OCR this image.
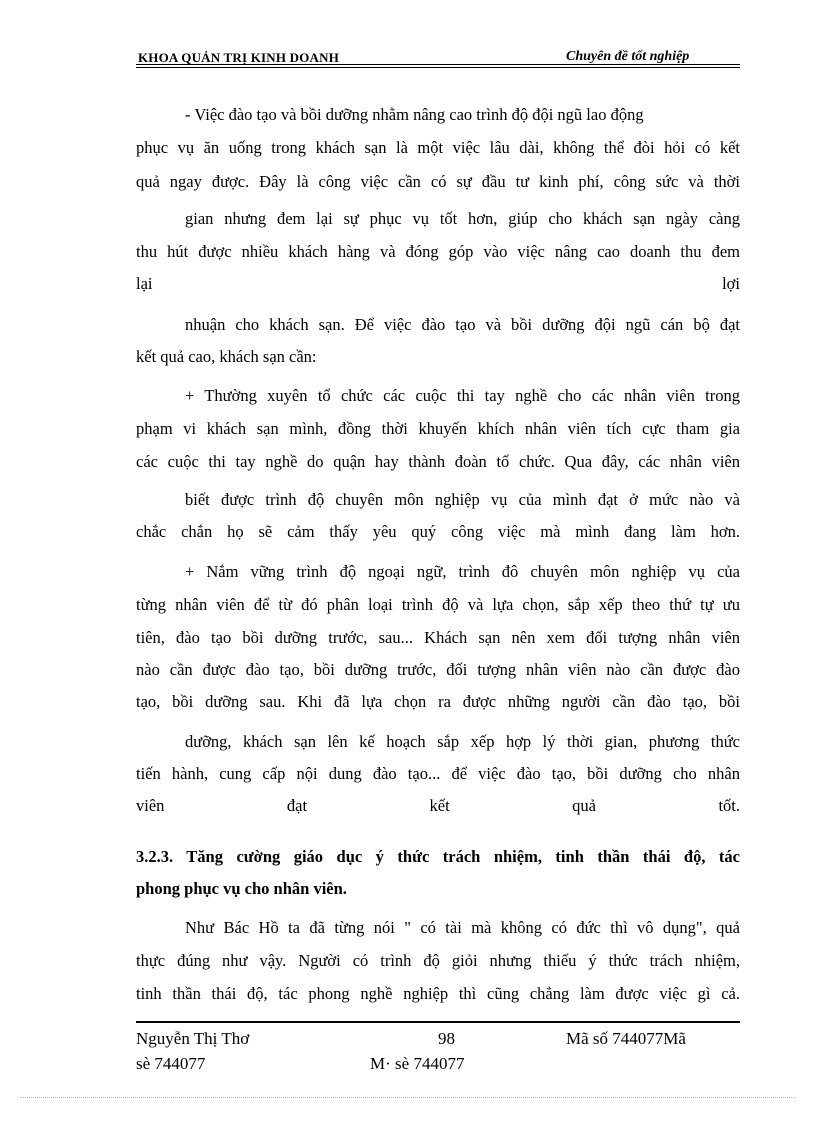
KHOA QUẢN TRỊ KINH DOANH	Chuyên đề tốt nghiệp
- Việc đào tạo và bồi dưỡng nhằm nâng cao trình độ đội ngũ lao động
phục vụ ăn uống trong khách sạn là một việc lâu dài, không thể đòi hỏi có kết
quả ngay được. Đây là công việc cần có sự đầu tư kinh phí, công sức và thời
gian nhưng đem lại sự phục vụ tốt hơn, giúp cho khách sạn ngày càng
thu hút được nhiều khách hàng và đóng góp vào việc nâng cao doanh thu đem
lại lợi
nhuận cho khách sạn. Để việc đào tạo và bồi dưỡng đội ngũ cán bộ đạt
kết quả cao, khách sạn cần:
+ Thường xuyên tổ chức các cuộc thi tay nghề cho các nhân viên trong
phạm vi khách sạn mình, đồng thời khuyến khích nhân viên tích cực tham gia
các cuộc thi tay nghề do quận hay thành đoàn tổ chức. Qua đây, các nhân viên
biết được trình độ chuyên môn nghiệp vụ của mình đạt ở mức nào và
chắc chắn họ sẽ cảm thấy yêu quý công việc mà mình đang làm hơn.
+ Nắm vững trình độ ngoại ngữ, trình đô chuyên môn nghiệp vụ của
từng nhân viên để từ đó phân loại trình độ và lựa chọn, sắp xếp theo thứ tự ưu
tiên, đào tạo bồi dưỡng trước, sau... Khách sạn nên xem đối tượng nhân viên
nào cần được đào tạo, bồi dưỡng trước, đối tượng nhân viên nào cần được đào
tạo, bồi dưỡng sau. Khi đã lựa chọn ra được những người cần đào tạo, bồi
dưỡng, khách sạn lên kế hoạch sắp xếp hợp lý thời gian, phương thức
tiến hành, cung cấp nội dung đào tạo... để việc đào tạo, bồi dưỡng cho nhân
viên đạt kết quả tốt.
3.2.3. Tăng cường giáo dục ý thức trách nhiệm, tinh thần thái độ, tác
phong phục vụ cho nhân viên.
Như Bác Hồ ta đã từng nói " có tài mà không có đức thì vô dụng", quả
thực đúng như vậy. Người có trình độ giỏi nhưng thiếu ý thức trách nhiệm,
tinh thần thái độ, tác phong nghề nghiệp thì cũng chẳng làm được việc gì cả.
Nguyễn Thị Thơ	98	Mã số 744077Mã
sè 744077	M· sè 744077
